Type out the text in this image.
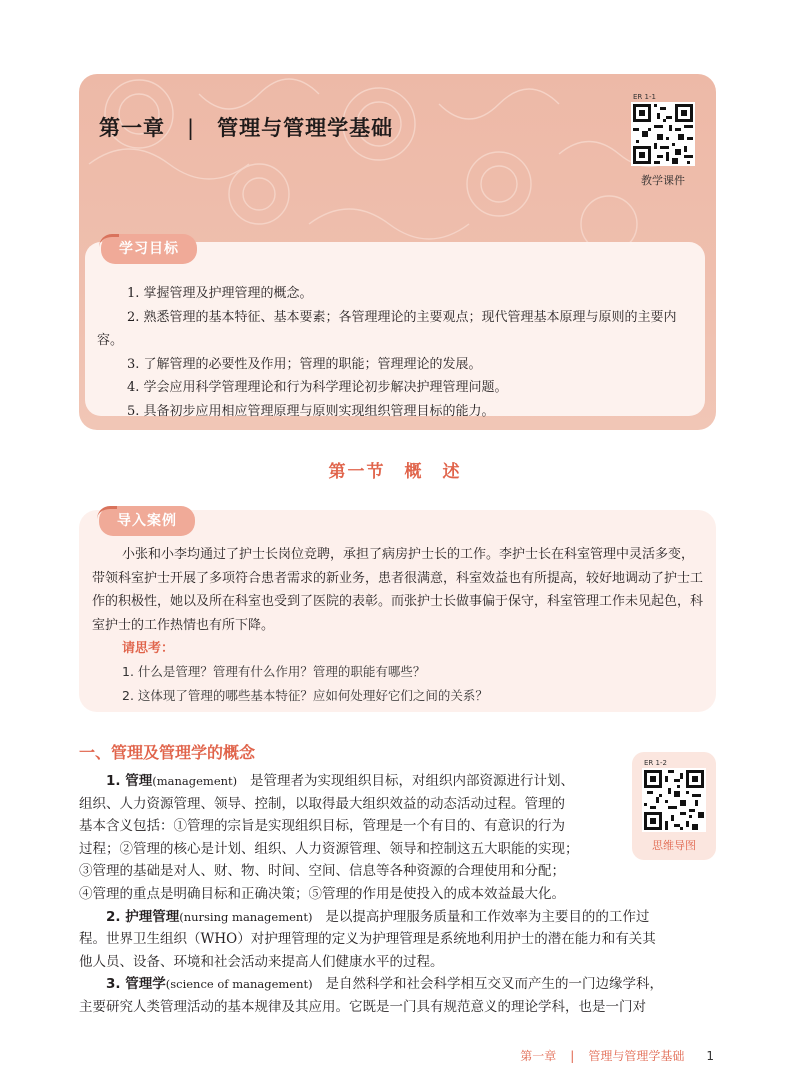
第一章 | 管理与管理学基础
ER 1-1
教学课件
学习目标

1. 掌握管理及护理管理的概念。

2. 熟悉管理的基本特征、基本要素；各管理理论的主要观点；现代管理基本原理与原则的主要内容。

3. 了解管理的必要性及作用；管理的职能；管理理论的发展。

4. 学会应用科学管理理论和行为科学理论初步解决护理管理问题。

5. 具备初步应用相应管理原理与原则实现组织管理目标的能力。

第一节　概　述
导入案例

小张和小李均通过了护士长岗位竞聘，承担了病房护士长的工作。李护士长在科室管理中灵活多变，带领科室护士开展了多项符合患者需求的新业务，患者很满意，科室效益也有所提高，较好地调动了护士工作的积极性，她以及所在科室也受到了医院的表彰。而张护士长做事偏于保守，科室管理工作未见起色，科室护士的工作热情也有所下降。

请思考：

1. 什么是管理？管理有什么作用？管理的职能有哪些？

2. 这体现了管理的哪些基本特征？应如何处理好它们之间的关系？

一、管理及管理学的概念
ER 1-2
思维导图

1. 管理(management) 是管理者为实现组织目标，对组织内部资源进行计划、

组织、人力资源管理、领导、控制，以取得最大组织效益的动态活动过程。管理的

基本含义包括：①管理的宗旨是实现组织目标，管理是一个有目的、有意识的行为

过程；②管理的核心是计划、组织、人力资源管理、领导和控制这五大职能的实现；

③管理的基础是对人、财、物、时间、空间、信息等各种资源的合理使用和分配；

④管理的重点是明确目标和正确决策；⑤管理的作用是使投入的成本效益最大化。

2. 护理管理(nursing management) 是以提高护理服务质量和工作效率为主要目的的工作过

程。世界卫生组织（WHO）对护理管理的定义为护理管理是系统地利用护士的潜在能力和有关其

他人员、设备、环境和社会活动来提高人们健康水平的过程。

3. 管理学(science of management) 是自然科学和社会科学相互交叉而产生的一门边缘学科，

主要研究人类管理活动的基本规律及其应用。它既是一门具有规范意义的理论学科，也是一门对

第一章 | 管理与管理学基础 1
